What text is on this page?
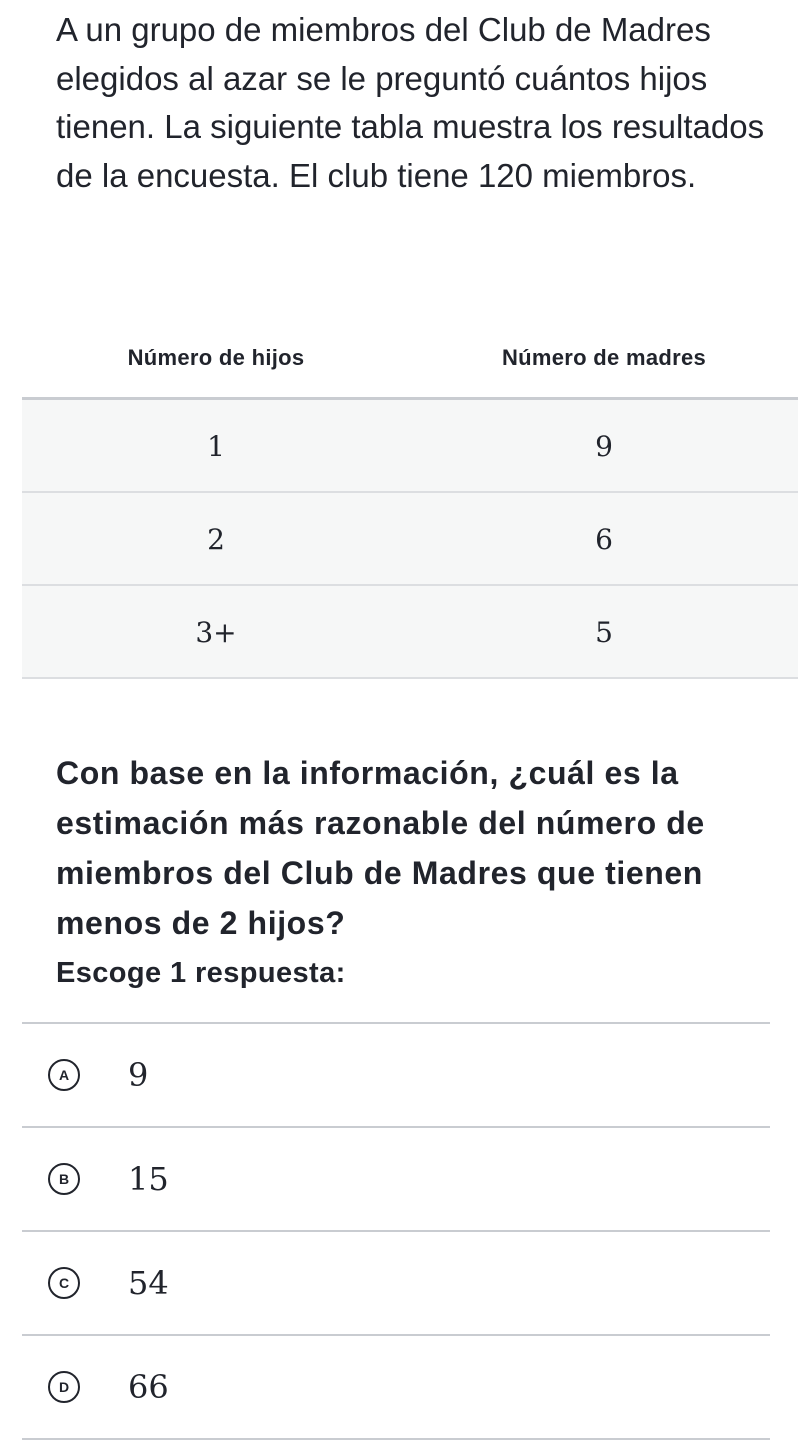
A un grupo de miembros del Club de Madres elegidos al azar se le preguntó cuántos hijos tienen. La siguiente tabla muestra los resultados de la encuesta. El club tiene 120 miembros.
Número de hijos	Número de madres
1	9
2	6
3+	5
Con base en la información, ¿cuál es la estimación más razonable del número de miembros del Club de Madres que tienen menos de 2 hijos?
Escoge 1 respuesta:
A	9
B	15
C	54
D	66
